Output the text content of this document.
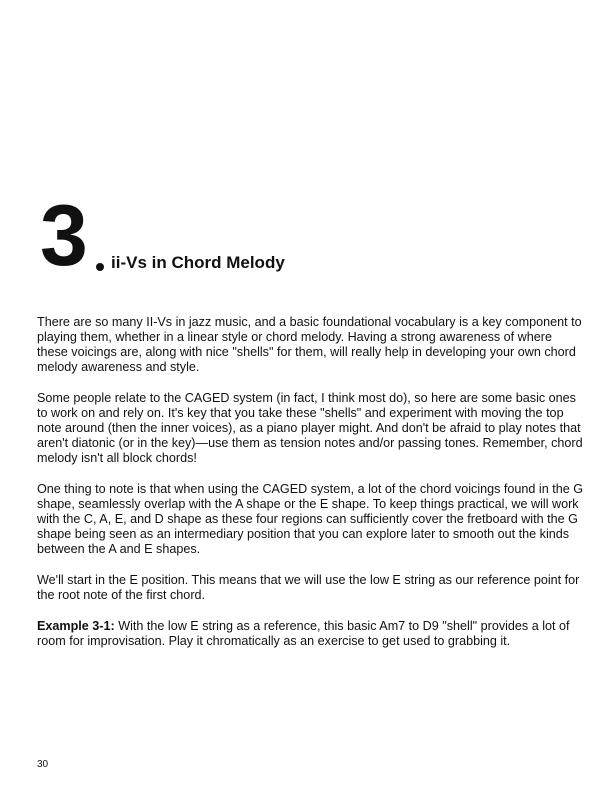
3 ii-Vs in Chord Melody

There are so many II-Vs in jazz music, and a basic foundational vocabulary is a key component to playing them, whether in a linear style or chord melody. Having a strong awareness of where these voicings are, along with nice "shells" for them, will really help in developing your own chord melody awareness and style.

Some people relate to the CAGED system (in fact, I think most do), so here are some basic ones to work on and rely on. It's key that you take these "shells" and experiment with moving the top note around (then the inner voices), as a piano player might. And don't be afraid to play notes that aren't diatonic (or in the key)—use them as tension notes and/or passing tones. Remember, chord melody isn't all block chords!

One thing to note is that when using the CAGED system, a lot of the chord voicings found in the G shape, seamlessly overlap with the A shape or the E shape. To keep things practical, we will work with the C, A, E, and D shape as these four regions can sufficiently cover the fretboard with the G shape being seen as an intermediary position that you can explore later to smooth out the kinds between the A and E shapes.

We'll start in the E position. This means that we will use the low E string as our reference point for the root note of the first chord.

Example 3-1: With the low E string as a reference, this basic Am7 to D9 "shell" provides a lot of room for improvisation. Play it chromatically as an exercise to get used to grabbing it.

30
